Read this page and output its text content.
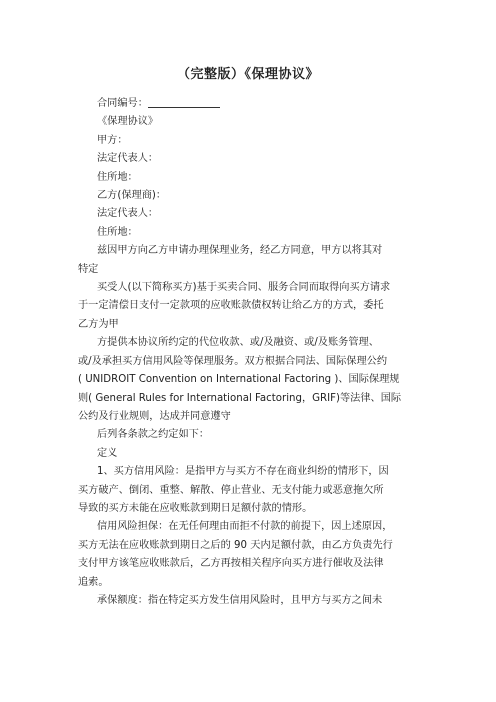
（完整版）《保理协议》

合同编号：

《保理协议》

甲方：

法定代表人：

住所地：

乙方(保理商)：

法定代表人：

住所地：

兹因甲方向乙方申请办理保理业务，经乙方同意，甲方以将其对

特定

买受人(以下简称买方)基于买卖合同、服务合同而取得向买方请求

于一定清偿日支付一定款项的应收账款债权转让给乙方的方式，委托

乙方为甲

方提供本协议所约定的代位收款、或/及融资、或/及账务管理、

或/及承担买方信用风险等保理服务。双方根据合同法、国际保理公约

( UNIDROIT Convention on International Factoring )、国际保理规

则( General Rules for International Factoring，GRIF)等法律、国际

公约及行业规则，达成并同意遵守

后列各条款之约定如下：

定义

1、买方信用风险：是指甲方与买方不存在商业纠纷的情形下，因

买方破产、倒闭、重整、解散、停止营业、无支付能力或恶意拖欠所

导致的买方未能在应收账款到期日足额付款的情形。

信用风险担保：在无任何理由而拒不付款的前提下，因上述原因，

买方无法在应收账款到期日之后的 90 天内足额付款，由乙方负责先行

支付甲方该笔应收账款后，乙方再按相关程序向买方进行催收及法律

追索。

承保额度：指在特定买方发生信用风险时，且甲方与买方之间未
